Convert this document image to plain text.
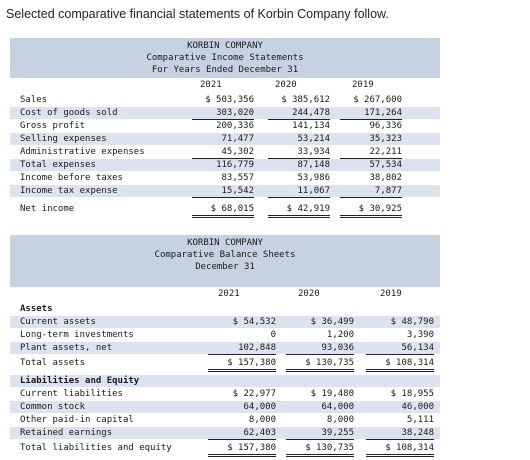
Selected comparative financial statements of Korbin Company follow.
KORBIN COMPANY
Comparative Income Statements
For Years Ended December 31
2021	2020	2019
Sales	$ 503,356	$ 385,612	$ 267,600
Cost of goods sold	303,020	244,478	171,264
Gross profit	200,336	141,134	96,336
Selling expenses	71,477	53,214	35,323
Administrative expenses	45,302	33,934	22,211
Total expenses	116,779	87,148	57,534
Income before taxes	83,557	53,986	38,802
Income tax expense	15,542	11,067	7,877
Net income	$ 68,015	$ 42,919	$ 30,925
KORBIN COMPANY
Comparative Balance Sheets
December 31
2021	2020	2019
Assets
Current assets	$ 54,532	$ 36,499	$ 48,790
Long-term investments	0	1,200	3,390
Plant assets, net	102,848	93,036	56,134
Total assets	$ 157,380	$ 130,735	$ 108,314
Liabilities and Equity
Current liabilities	$ 22,977	$ 19,480	$ 18,955
Common stock	64,000	64,000	46,000
Other paid-in capital	8,000	8,000	5,111
Retained earnings	62,403	39,255	38,248
Total liabilities and equity	$ 157,380	$ 130,735	$ 108,314
